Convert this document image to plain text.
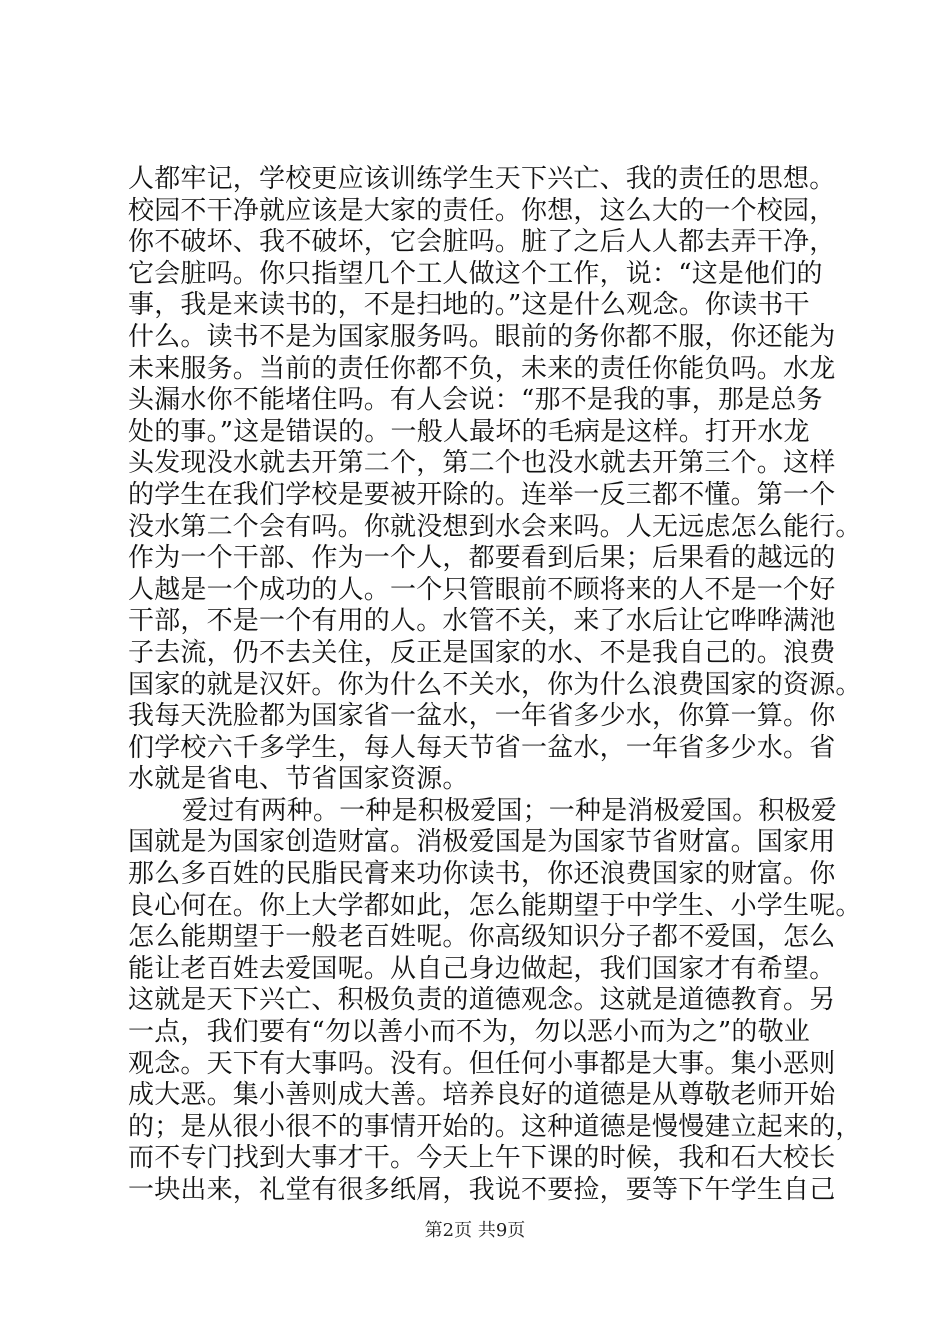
人都牢记，学校更应该训练学生天下兴亡、我的责任的思想。
校园不干净就应该是大家的责任。你想，这么大的一个校园，
你不破坏、我不破坏，它会脏吗。脏了之后人人都去弄干净，
它会脏吗。你只指望几个工人做这个工作，说：“这是他们的
事，我是来读书的，不是扫地的。”这是什么观念。你读书干
什么。读书不是为国家服务吗。眼前的务你都不服，你还能为
未来服务。当前的责任你都不负，未来的责任你能负吗。水龙
头漏水你不能堵住吗。有人会说：“那不是我的事，那是总务
处的事。”这是错误的。一般人最坏的毛病是这样。打开水龙
头发现没水就去开第二个，第二个也没水就去开第三个。这样
的学生在我们学校是要被开除的。连举一反三都不懂。第一个
没水第二个会有吗。你就没想到水会来吗。人无远虑怎么能行。
作为一个干部、作为一个人，都要看到后果；后果看的越远的
人越是一个成功的人。一个只管眼前不顾将来的人不是一个好
干部，不是一个有用的人。水管不关，来了水后让它哗哗满池
子去流，仍不去关住，反正是国家的水、不是我自己的。浪费
国家的就是汉奸。你为什么不关水，你为什么浪费国家的资源。
我每天洗脸都为国家省一盆水，一年省多少水，你算一算。你
们学校六千多学生，每人每天节省一盆水，一年省多少水。省
水就是省电、节省国家资源。
爱过有两种。一种是积极爱国；一种是消极爱国。积极爱
国就是为国家创造财富。消极爱国是为国家节省财富。国家用
那么多百姓的民脂民膏来功你读书，你还浪费国家的财富。你
良心何在。你上大学都如此，怎么能期望于中学生、小学生呢。
怎么能期望于一般老百姓呢。你高级知识分子都不爱国，怎么
能让老百姓去爱国呢。从自己身边做起，我们国家才有希望。
这就是天下兴亡、积极负责的道德观念。这就是道德教育。另
一点，我们要有“勿以善小而不为，勿以恶小而为之”的敬业
观念。天下有大事吗。没有。但任何小事都是大事。集小恶则
成大恶。集小善则成大善。培养良好的道德是从尊敬老师开始
的；是从很小很不的事情开始的。这种道德是慢慢建立起来的，
而不专门找到大事才干。今天上午下课的时候，我和石大校长
一块出来，礼堂有很多纸屑，我说不要捡，要等下午学生自己
第2页 共9页
